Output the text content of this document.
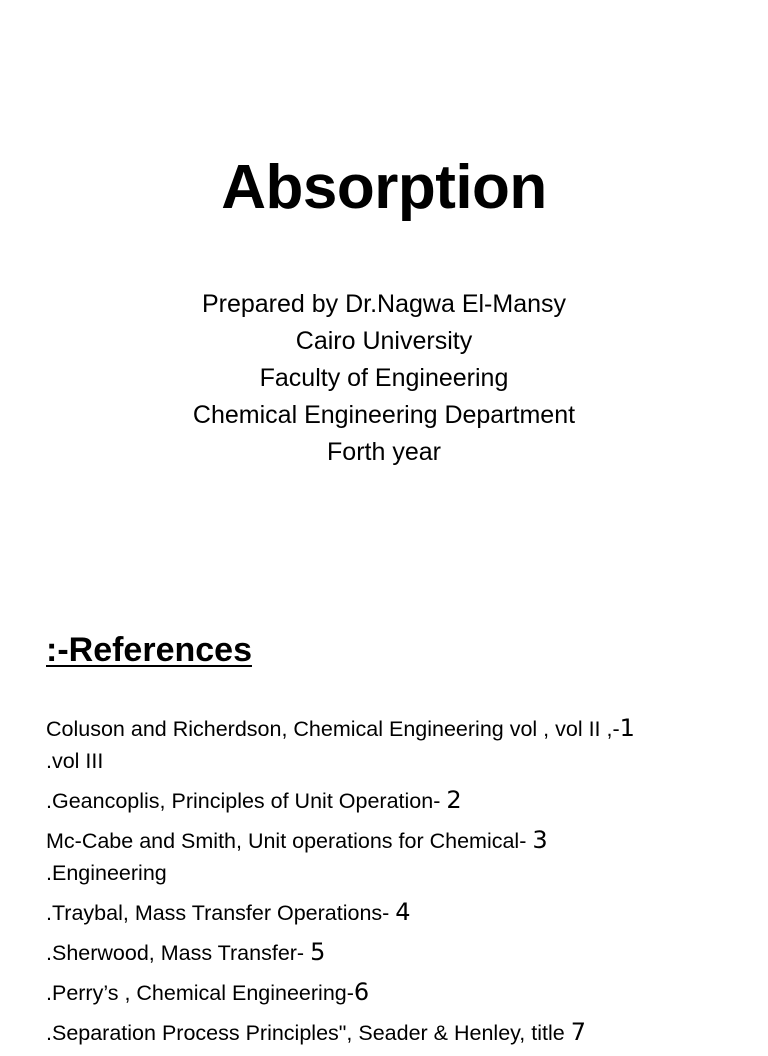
Absorption
Prepared by Dr.Nagwa El-Mansy
Cairo University
Faculty of Engineering
Chemical Engineering Department
Forth year
:-References
Coluson and Richerdson, Chemical Engineering vol , vol II ,-1
.vol III
.Geancoplis, Principles of Unit Operation- 2
Mc-Cabe and Smith, Unit operations for Chemical- 3
.Engineering
.Traybal, Mass Transfer Operations- 4
.Sherwood, Mass Transfer- 5
.Perry’s , Chemical Engineering-6
.Separation Process Principles", Seader & Henley, title 7
